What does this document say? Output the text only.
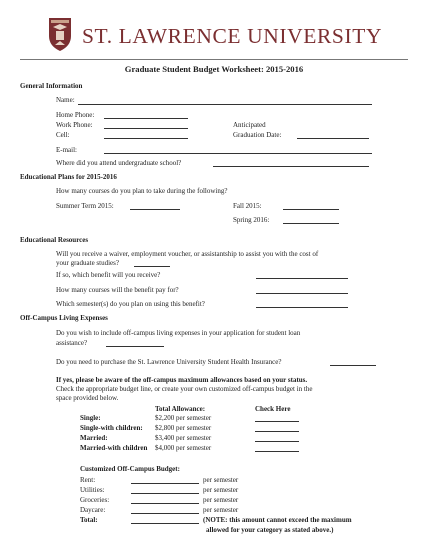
ST. LAWRENCE UNIVERSITY
Graduate Student Budget Worksheet: 2015-2016
General Information
Name:
Home Phone:
Work Phone:	Anticipated
Cell:	Graduation Date:
E-mail:
Where did you attend undergraduate school?
Educational Plans for 2015-2016
How many courses do you plan to take during the following?
Summer Term 2015:	Fall 2015:
Spring 2016:
Educational Resources
Will you receive a waiver, employment voucher, or assistantship to assist you with the cost of
your graduate studies?
If so, which benefit will you receive?
How many courses will the benefit pay for?
Which semester(s) do you plan on using this benefit?
Off-Campus Living Expenses
Do you wish to include off-campus living expenses in your application for student loan
assistance?
Do you need to purchase the St. Lawrence University Student Health Insurance?
If yes, please be aware of the off-campus maximum allowances based on your status.
Check the appropriate budget line, or create your own customized off-campus budget in the
space provided below.
Total Allowance:	Check Here
Single:	$2,200 per semester
Single-with children: $2,800 per semester
Married:	$3,400 per semester
Married-with children $4,000 per semester
Customized Off-Campus Budget:
Rent:	per semester
Utilities:	per semester
Groceries:	per semester
Daycare:	per semester
Total:	(NOTE: this amount cannot exceed the maximum
allowed for your category as stated above.)
